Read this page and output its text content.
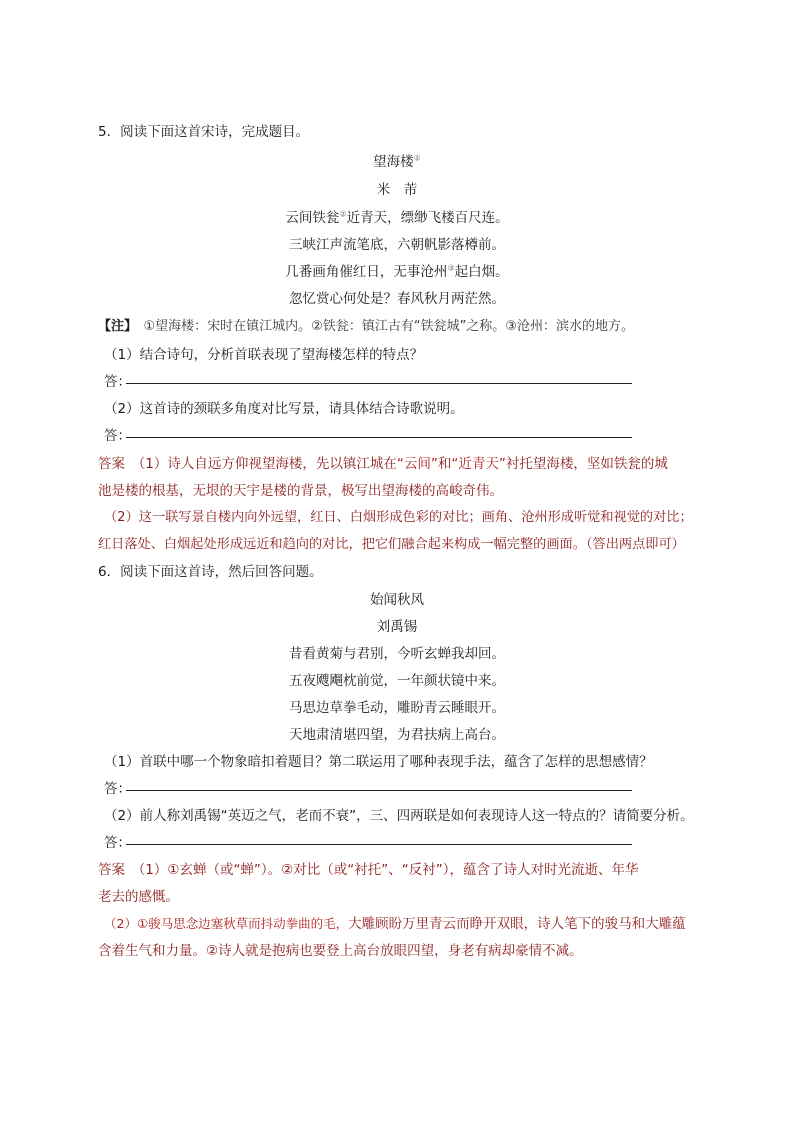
5．阅读下面这首宋诗，完成题目。
望海楼①
米　芾
云间铁瓮②近青天，缥缈飞楼百尺连。
三峡江声流笔底，六朝帆影落樽前。
几番画角催红日，无事沧州③起白烟。
忽忆赏心何处是？春风秋月两茫然。
【注】　 ①望海楼：宋时在镇江城内。②铁瓮：镇江古有“铁瓮城”之称。③沧州：滨水的地方。
（1）结合诗句，分析首联表现了望海楼怎样的特点？
答：
（2）这首诗的颈联多角度对比写景，请具体结合诗歌说明。
答：
答案　 （1）诗人自远方仰视望海楼，先以镇江城在“云间”和“近青天”衬托望海楼，坚如铁瓮的城
池是楼的根基，无垠的天宇是楼的背景，极写出望海楼的高峻奇伟。
（2）这一联写景自楼内向外远望，红日、白烟形成色彩的对比；画角、沧州形成听觉和视觉的对比；
红日落处、白烟起处形成远近和趋向的对比，把它们融合起来构成一幅完整的画面。（答出两点即可）
6．阅读下面这首诗，然后回答问题。
始闻秋风
刘禹锡
昔看黄菊与君别，今听玄蝉我却回。
五夜飕飗枕前觉，一年颜状镜中来。
马思边草拳毛动，雕盼青云睡眼开。
天地肃清堪四望，为君扶病上高台。
（1）首联中哪一个物象暗扣着题目？第二联运用了哪种表现手法，蕴含了怎样的思想感情？
答：
（2）前人称刘禹锡“英迈之气，老而不衰”，三、四两联是如何表现诗人这一特点的？请简要分析。
答：
答案　 （1）①玄蝉（或“蝉”）。②对比（或“衬托”、“反衬”），蕴含了诗人对时光流逝、年华
老去的感慨。
（2）①骏马思念边塞秋草而抖动拳曲的毛，大雕顾盼万里青云而睁开双眼，诗人笔下的骏马和大雕蕴
含着生气和力量。②诗人就是抱病也要登上高台放眼四望，身老有病却豪情不减。
